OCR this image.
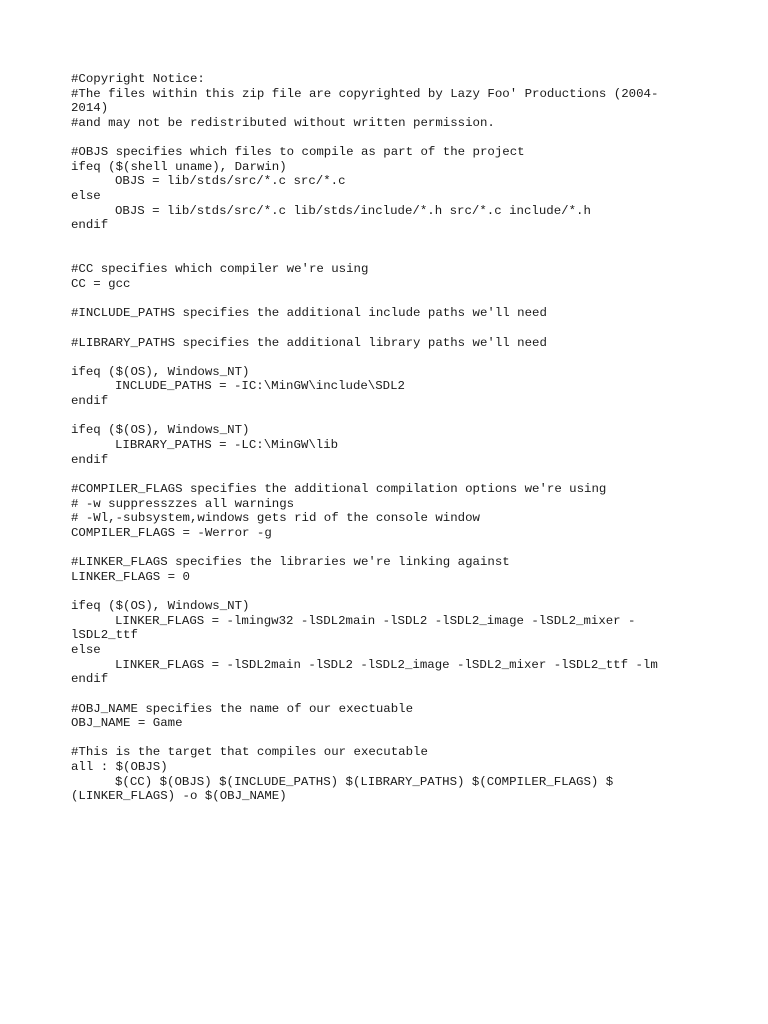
#Copyright Notice:
#The files within this zip file are copyrighted by Lazy Foo' Productions (2004-
2014)
#and may not be redistributed without written permission.
#OBJS specifies which files to compile as part of the project
ifeq ($(shell uname), Darwin)
OBJS = lib/stds/src/*.c src/*.c
else
OBJS = lib/stds/src/*.c lib/stds/include/*.h src/*.c include/*.h
endif
#CC specifies which compiler we're using
CC = gcc
#INCLUDE_PATHS specifies the additional include paths we'll need
#LIBRARY_PATHS specifies the additional library paths we'll need
ifeq ($(OS), Windows_NT)
INCLUDE_PATHS = -IC:\MinGW\include\SDL2
endif
ifeq ($(OS), Windows_NT)
LIBRARY_PATHS = -LC:\MinGW\lib
endif
#COMPILER_FLAGS specifies the additional compilation options we're using
# -w suppresszzes all warnings
# -Wl,-subsystem,windows gets rid of the console window
COMPILER_FLAGS = -Werror -g
#LINKER_FLAGS specifies the libraries we're linking against
LINKER_FLAGS = 0
ifeq ($(OS), Windows_NT)
LINKER_FLAGS = -lmingw32 -lSDL2main -lSDL2 -lSDL2_image -lSDL2_mixer -
lSDL2_ttf
else
LINKER_FLAGS = -lSDL2main -lSDL2 -lSDL2_image -lSDL2_mixer -lSDL2_ttf -lm
endif
#OBJ_NAME specifies the name of our exectuable
OBJ_NAME = Game
#This is the target that compiles our executable
all : $(OBJS)
$(CC) $(OBJS) $(INCLUDE_PATHS) $(LIBRARY_PATHS) $(COMPILER_FLAGS) $
(LINKER_FLAGS) -o $(OBJ_NAME)
